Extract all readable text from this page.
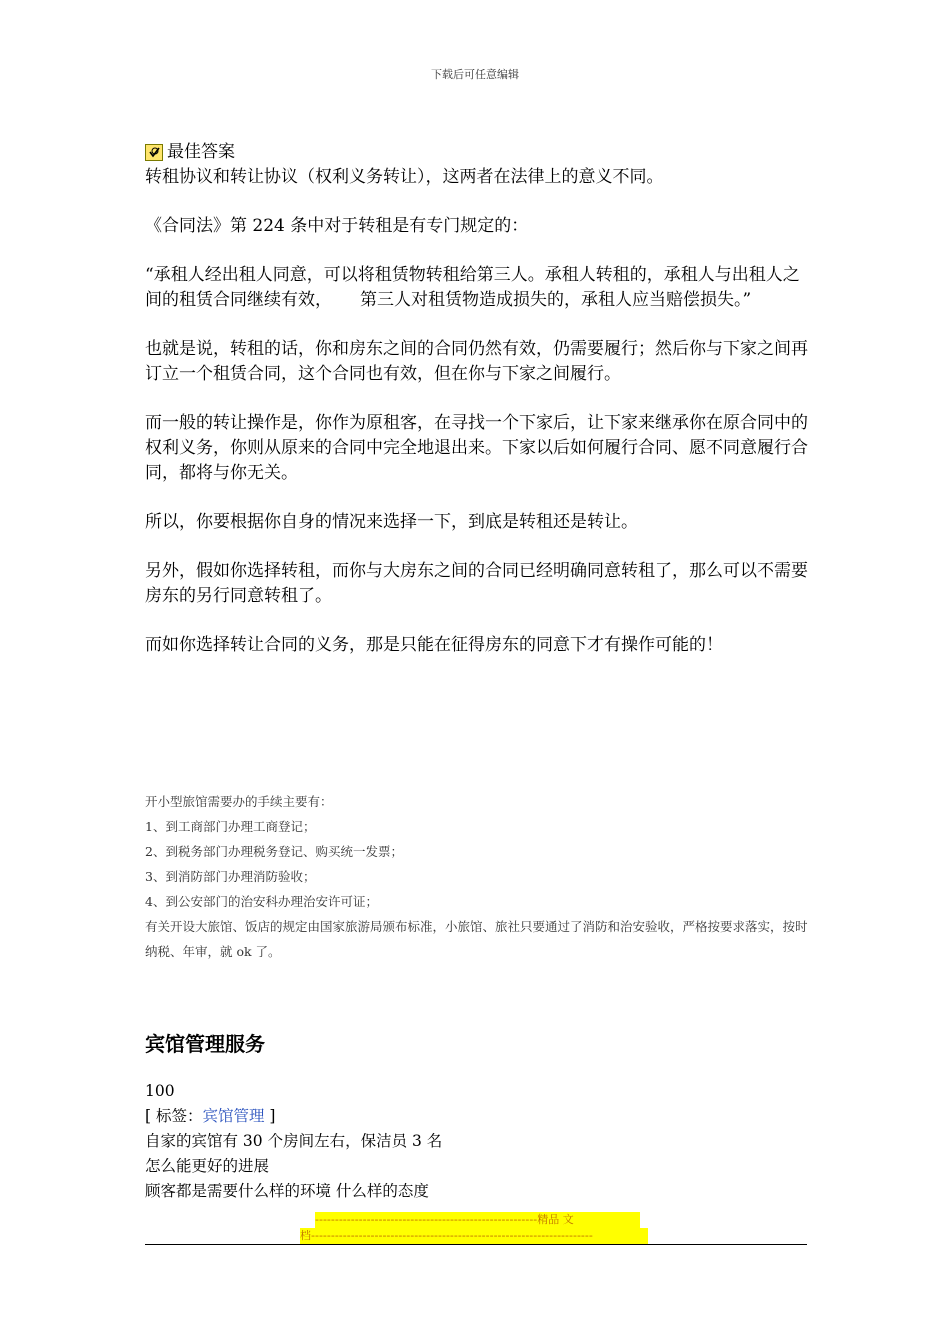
下载后可任意编辑
最佳答案

转租协议和转让协议（权利义务转让），这两者在法律上的意义不同。

《合同法》第 224 条中对于转租是有专门规定的：

“承租人经出租人同意，可以将租赁物转租给第三人。承租人转租的，承租人与出租人之间的租赁合同继续有效， 第三人对租赁物造成损失的，承租人应当赔偿损失。”

也就是说，转租的话，你和房东之间的合同仍然有效，仍需要履行；然后你与下家之间再订立一个租赁合同，这个合同也有效，但在你与下家之间履行。

而一般的转让操作是，你作为原租客，在寻找一个下家后，让下家来继承你在原合同中的权利义务，你则从原来的合同中完全地退出来。下家以后如何履行合同、愿不同意履行合同，都将与你无关。

所以，你要根据你自身的情况来选择一下，到底是转租还是转让。

另外，假如你选择转租，而你与大房东之间的合同已经明确同意转租了，那么可以不需要房东的另行同意转租了。

而如你选择转让合同的义务，那是只能在征得房东的同意下才有操作可能的！

开小型旅馆需要办的手续主要有：

1、到工商部门办理工商登记；

2、到税务部门办理税务登记、购买统一发票；

3、到消防部门办理消防验收；

4、到公安部门的治安科办理治安许可证；

有关开设大旅馆、饭店的规定由国家旅游局颁布标准，小旅馆、旅社只要通过了消防和治安验收，严格按要求落实，按时纳税、年审，就 ok 了。

宾馆管理服务

100

[ 标签：宾馆管理 ]

自家的宾馆有 30 个房间左右，保洁员 3 名

怎么能更好的进展

顾客都是需要什么样的环境 什么样的态度

--------------------------------------------------------精品 文
档-----------------------------------------------------------------------
